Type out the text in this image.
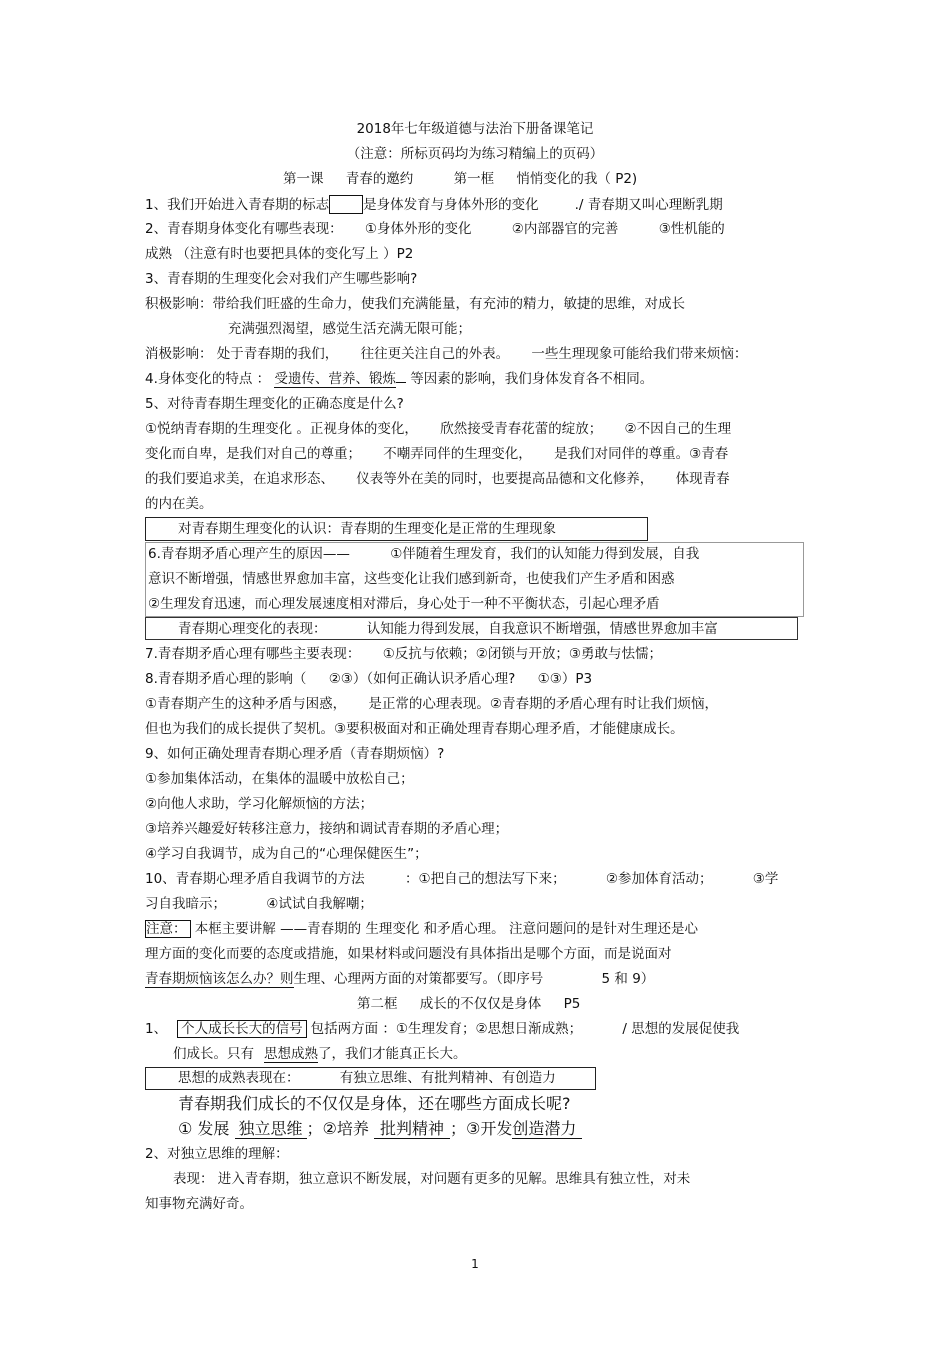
2018年七年级道德与法治下册备课笔记
（注意：所标页码均为练习精编上的页码）
第一课 青春的邀约	第一框 悄悄变化的我（ P2)
1、我们开始进入青春期的标志	是身体发育与身体外形的变化	./ 青春期又叫心理断乳期
2、青春期身体变化有哪些表现： ①身体外形的变化	②内部器官的完善	③性机能的
成熟 （注意有时也要把具体的变化写上 ）P2
3、青春期的生理变化会对我们产生哪些影响?
积极影响：带给我们旺盛的生命力，使我们充满能量，有充沛的精力，敏捷的思维，对成长
充满强烈渴望，感觉生活充满无限可能；
消极影响： 处于青春期的我们， 往往更关注自己的外表。 一些生理现象可能给我们带来烦恼：
4.身体变化的特点 ： 受遗传、营养、锻炼 等因素的影响，我们身体发育各不相同。
5、对待青春期生理变化的正确态度是什么?
①悦纳青春期的生理变化 。正视身体的变化， 欣然接受青春花蕾的绽放； ②不因自己的生理
变化而自卑，是我们对自己的尊重； 不嘲弄同伴的生理变化， 是我们对同伴的尊重。③青春
的我们要追求美，在追求形态、 仪表等外在美的同时，也要提高品德和文化修养， 体现青春
的内在美。
对青春期生理变化的认识：青春期的生理变化是正常的生理现象
6.青春期矛盾心理产生的原因——	①伴随着生理发育，我们的认知能力得到发展，自我
意识不断增强，情感世界愈加丰富，这些变化让我们感到新奇，也使我们产生矛盾和困惑
②生理发育迅速，而心理发展速度相对滞后，身心处于一种不平衡状态，引起心理矛盾
青春期心理变化的表现：	认知能力得到发展，自我意识不断增强，情感世界愈加丰富
7.青春期矛盾心理有哪些主要表现： ①反抗与依赖；②闭锁与开放；③勇敢与怯懦；
8.青春期矛盾心理的影响（ ②③）（如何正确认识矛盾心理? ①③）P3
①青春期产生的这种矛盾与困惑， 是正常的心理表现。②青春期的矛盾心理有时让我们烦恼，
但也为我们的成长提供了契机。③要积极面对和正确处理青春期心理矛盾，才能健康成长。
9、如何正确处理青春期心理矛盾（青春期烦恼）?
①参加集体活动，在集体的温暖中放松自己；
②向他人求助，学习化解烦恼的方法；
③培养兴趣爱好转移注意力，接纳和调试青春期的矛盾心理；
④学习自我调节，成为自己的“心理保健医生”；
10、青春期心理矛盾自我调节的方法	：①把自己的想法写下来；	②参加体育活动；	③学
习自我暗示；	④试试自我解嘲；
注意： 本框主要讲解 ——青春期的 生理变化 和矛盾心理。 注意问题问的是针对生理还是心
理方面的变化而要的态度或措施，如果材料或问题没有具体指出是哪个方面，而是说面对
青春期烦恼该怎么办？则生理、心理两方面的对策都要写。（即序号	5 和 9）
第二框 成长的不仅仅是身体 P5
1、 个人成长长大的信号 包括两方面 ：①生理发育；②思想日渐成熟；	/ 思想的发展促使我
们成长。只有 思想成熟了，我们才能真正长大。
思想的成熟表现在：	有独立思维、有批判精神、有创造力
青春期我们成长的不仅仅是身体，还在哪些方面成长呢?
① 发展 独立思维 ；②培养 批判精神 ；③开发创造潜力
2、对独立思维的理解：
表现： 进入青春期，独立意识不断发展，对问题有更多的见解。思维具有独立性，对未
知事物充满好奇。
1
